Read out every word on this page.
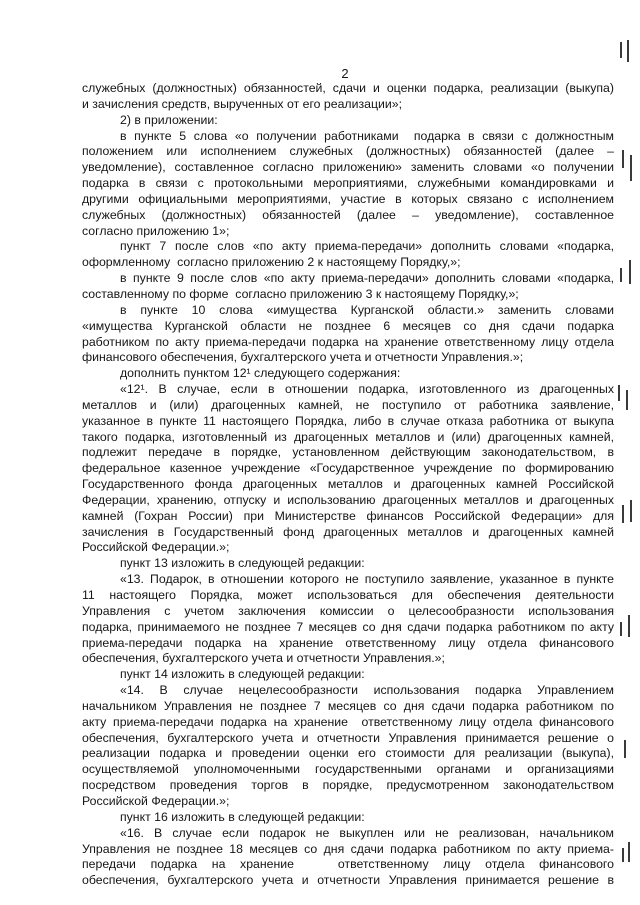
2
служебных (должностных) обязанностей, сдачи и оценки подарка, реализации (выкупа)
и зачисления средств, вырученных от его реализации»;
2) в приложении:
в пункте 5 слова «о получении работниками  подарка в связи с должностным
положением или исполнением служебных (должностных) обязанностей (далее –
уведомление), составленное согласно приложению» заменить словами «о получении
подарка в связи с протокольными мероприятиями, служебными командировками и
другими официальными мероприятиями, участие в которых связано с исполнением
служебных (должностных) обязанностей (далее – уведомление), составленное
согласно приложению 1»;
пункт 7 после слов «по акту приема-передачи» дополнить словами «подарка,
оформленному  согласно приложению 2 к настоящему Порядку,»;
в пункте 9 после слов «по акту приема-передачи» дополнить словами «подарка,
составленному по форме  согласно приложению 3 к настоящему Порядку,»;
в пункте 10 слова «имущества Курганской области.» заменить словами
«имущества Курганской области не позднее 6 месяцев со дня сдачи подарка
работником по акту приема-передачи подарка на хранение ответственному лицу отдела
финансового обеспечения, бухгалтерского учета и отчетности Управления.»;
дополнить пунктом 12¹ следующего содержания:
«12¹. В случае, если в отношении подарка, изготовленного из драгоценных
металлов и (или) драгоценных камней, не поступило от работника заявление,
указанное в пункте 11 настоящего Порядка, либо в случае отказа работника от выкупа
такого подарка, изготовленный из драгоценных металлов и (или) драгоценных камней,
подлежит передаче в порядке, установленном действующим законодательством, в
федеральное казенное учреждение «Государственное учреждение по формированию
Государственного фонда драгоценных металлов и драгоценных камней Российской
Федерации, хранению, отпуску и использованию драгоценных металлов и драгоценных
камней (Гохран России) при Министерстве финансов Российской Федерации» для
зачисления в Государственный фонд драгоценных металлов и драгоценных камней
Российской Федерации.»;
пункт 13 изложить в следующей редакции:
«13. Подарок, в отношении которого не поступило заявление, указанное в пункте
11 настоящего Порядка, может использоваться для обеспечения деятельности
Управления с учетом заключения комиссии о целесообразности использования
подарка, принимаемого не позднее 7 месяцев со дня сдачи подарка работником по акту
приема-передачи подарка на хранение ответственному лицу отдела финансового
обеспечения, бухгалтерского учета и отчетности Управления.»;
пункт 14 изложить в следующей редакции:
«14. В случае нецелесообразности использования подарка Управлением
начальником Управления не позднее 7 месяцев со дня сдачи подарка работником по
акту приема-передачи подарка на хранение  ответственному лицу отдела финансового
обеспечения, бухгалтерского учета и отчетности Управления принимается решение о
реализации подарка и проведении оценки его стоимости для реализации (выкупа),
осуществляемой уполномоченными государственными органами и организациями
посредством проведения торгов в порядке, предусмотренном законодательством
Российской Федерации.»;
пункт 16 изложить в следующей редакции:
«16. В случае если подарок не выкуплен или не реализован, начальником
Управления не позднее 18 месяцев со дня сдачи подарка работником по акту приема-
передачи подарка на хранение   ответственному лицу отдела финансового
обеспечения, бухгалтерского учета и отчетности Управления принимается решение в
